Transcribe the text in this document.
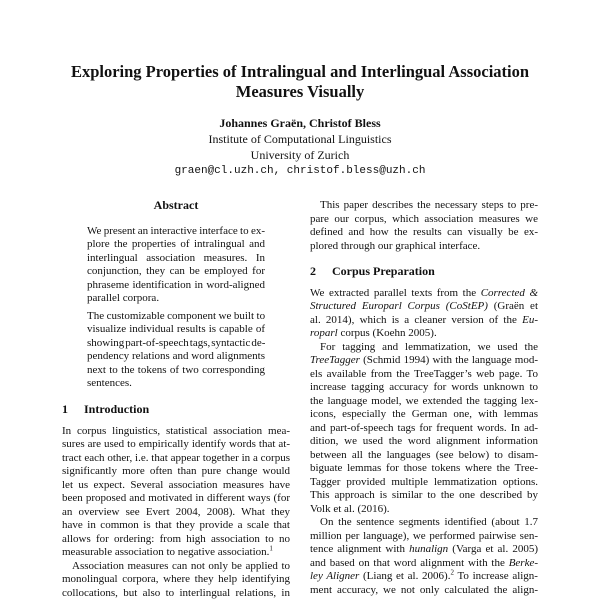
Exploring Properties of Intralingual and Interlingual Association
Measures Visually
Johannes Graën, Christof Bless
Institute of Computational Linguistics
University of Zurich
graen@cl.uzh.ch, christof.bless@uzh.ch
Abstract
We present an interactive interface to ex-
plore the properties of intralingual and
interlingual association measures. In
conjunction, they can be employed for
phraseme identification in word-aligned
parallel corpora.
The customizable component we built to
visualize individual results is capable of
showing part-of-speech tags, syntactic de-
pendency relations and word alignments
next to the tokens of two corresponding
sentences.
1 Introduction
In corpus linguistics, statistical association mea-
sures are used to empirically identify words that at-
tract each other, i.e. that appear together in a corpus
significantly more often than pure change would
let us expect. Several association measures have
been proposed and motivated in different ways (for
an overview see Evert 2004, 2008). What they
have in common is that they provide a scale that
allows for ordering: from high association to no
measurable association to negative association.$^1$
Association measures can not only be applied to
monolingual corpora, where they help identifying
collocations, but also to interlingual relations, in
This paper describes the necessary steps to pre-
pare our corpus, which association measures we
defined and how the results can visually be ex-
plored through our graphical interface.
2 Corpus Preparation
We extracted parallel texts from the Corrected &
Structured Europarl Corpus (CoStEP) (Graën et
al. 2014), which is a cleaner version of the Eu-
roparl corpus (Koehn 2005).
For tagging and lemmatization, we used the
TreeTagger (Schmid 1994) with the language mod-
els available from the TreeTagger’s web page. To
increase tagging accuracy for words unknown to
the language model, we extended the tagging lex-
icons, especially the German one, with lemmas
and part-of-speech tags for frequent words. In ad-
dition, we used the word alignment information
between all the languages (see below) to disam-
biguate lemmas for those tokens where the Tree-
Tagger provided multiple lemmatization options.
This approach is similar to the one described by
Volk et al. (2016).
On the sentence segments identified (about 1.7
million per language), we performed pairwise sen-
tence alignment with hunalign (Varga et al. 2005)
and based on that word alignment with the Berke-
ley Aligner (Liang et al. 2006).$^2$ To increase align-
ment accuracy, we not only calculated the align-
